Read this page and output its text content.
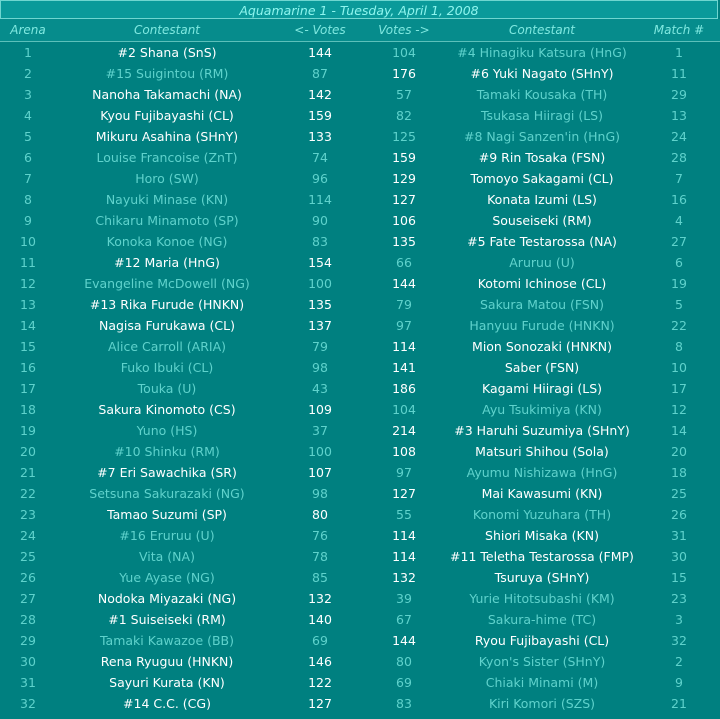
Aquamarine 1 - Tuesday, April 1, 2008
Arena	Contestant	<- Votes	Votes ->	Contestant	Match #
1	#2 Shana (SnS)	144	104	#4 Hinagiku Katsura (HnG)	1
2	#15 Suigintou (RM)	87	176	#6 Yuki Nagato (SHnY)	11
3	Nanoha Takamachi (NA)	142	57	Tamaki Kousaka (TH)	29
4	Kyou Fujibayashi (CL)	159	82	Tsukasa Hiiragi (LS)	13
5	Mikuru Asahina (SHnY)	133	125	#8 Nagi Sanzen'in (HnG)	24
6	Louise Francoise (ZnT)	74	159	#9 Rin Tosaka (FSN)	28
7	Horo (SW)	96	129	Tomoyo Sakagami (CL)	7
8	Nayuki Minase (KN)	114	127	Konata Izumi (LS)	16
9	Chikaru Minamoto (SP)	90	106	Souseiseki (RM)	4
10	Konoka Konoe (NG)	83	135	#5 Fate Testarossa (NA)	27
11	#12 Maria (HnG)	154	66	Aruruu (U)	6
12	Evangeline McDowell (NG)	100	144	Kotomi Ichinose (CL)	19
13	#13 Rika Furude (HNKN)	135	79	Sakura Matou (FSN)	5
14	Nagisa Furukawa (CL)	137	97	Hanyuu Furude (HNKN)	22
15	Alice Carroll (ARIA)	79	114	Mion Sonozaki (HNKN)	8
16	Fuko Ibuki (CL)	98	141	Saber (FSN)	10
17	Touka (U)	43	186	Kagami Hiiragi (LS)	17
18	Sakura Kinomoto (CS)	109	104	Ayu Tsukimiya (KN)	12
19	Yuno (HS)	37	214	#3 Haruhi Suzumiya (SHnY)	14
20	#10 Shinku (RM)	100	108	Matsuri Shihou (Sola)	20
21	#7 Eri Sawachika (SR)	107	97	Ayumu Nishizawa (HnG)	18
22	Setsuna Sakurazaki (NG)	98	127	Mai Kawasumi (KN)	25
23	Tamao Suzumi (SP)	80	55	Konomi Yuzuhara (TH)	26
24	#16 Eruruu (U)	76	114	Shiori Misaka (KN)	31
25	Vita (NA)	78	114	#11 Teletha Testarossa (FMP)	30
26	Yue Ayase (NG)	85	132	Tsuruya (SHnY)	15
27	Nodoka Miyazaki (NG)	132	39	Yurie Hitotsubashi (KM)	23
28	#1 Suiseiseki (RM)	140	67	Sakura-hime (TC)	3
29	Tamaki Kawazoe (BB)	69	144	Ryou Fujibayashi (CL)	32
30	Rena Ryuguu (HNKN)	146	80	Kyon's Sister (SHnY)	2
31	Sayuri Kurata (KN)	122	69	Chiaki Minami (M)	9
32	#14 C.C. (CG)	127	83	Kiri Komori (SZS)	21
